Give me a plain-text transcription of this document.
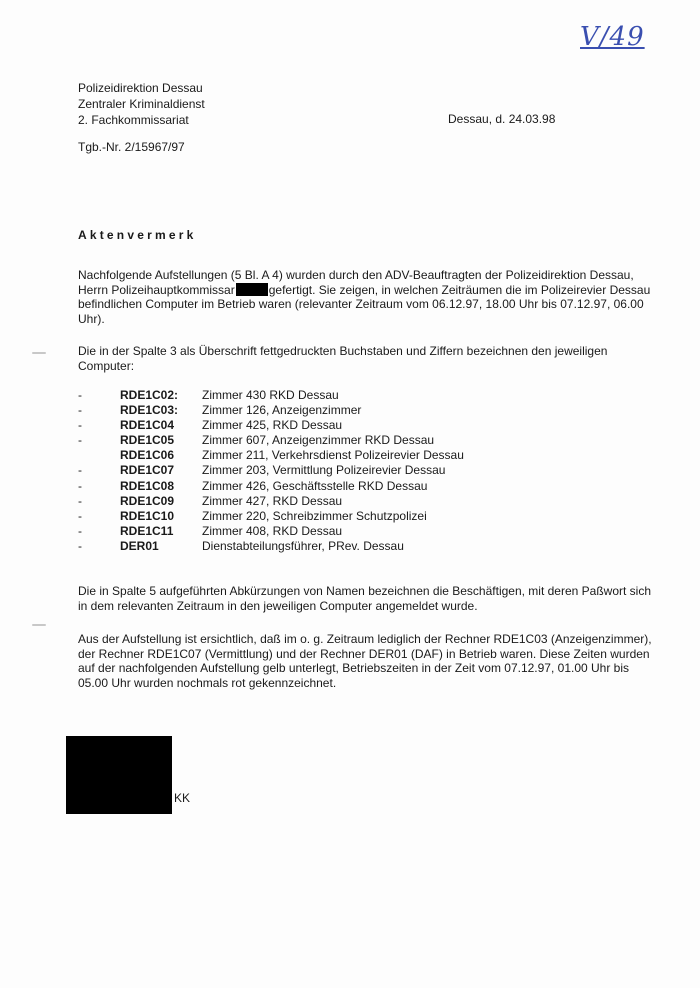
V/49
Polizeidirektion Dessau
Zentraler Kriminaldienst
2. Fachkommissariat	Dessau, d. 24.03.98
Tgb.-Nr. 2/15967/97
Aktenvermerk
Nachfolgende Aufstellungen (5 Bl. A 4) wurden durch den ADV-Beauftragten der Polizeidirektion Dessau, Herrn Polizeihauptkommissar	gefertigt. Sie zeigen, in welchen Zeiträumen die im Polizeirevier Dessau befindlichen Computer im Betrieb waren (relevanter Zeitraum vom 06.12.97, 18.00 Uhr bis 07.12.97, 06.00 Uhr).
Die in der Spalte 3 als Überschrift fettgedruckten Buchstaben und Ziffern bezeichnen den jeweiligen Computer:
-	RDE1C02: Zimmer 430 RKD Dessau
-	RDE1C03: Zimmer 126, Anzeigenzimmer
-	RDE1C04 Zimmer 425, RKD Dessau
-	RDE1C05 Zimmer 607, Anzeigenzimmer RKD Dessau
RDE1C06 Zimmer 211, Verkehrsdienst Polizeirevier Dessau
-	RDE1C07 Zimmer 203, Vermittlung Polizeirevier Dessau
-	RDE1C08 Zimmer 426, Geschäftsstelle RKD Dessau
-	RDE1C09 Zimmer 427, RKD Dessau
-	RDE1C10 Zimmer 220, Schreibzimmer Schutzpolizei
-	RDE1C11 Zimmer 408, RKD Dessau
-	DER01	Dienstabteilungsführer, PRev. Dessau
Die in Spalte 5 aufgeführten Abkürzungen von Namen bezeichnen die Beschäftigen, mit deren Paßwort sich in dem relevanten Zeitraum in den jeweiligen Computer angemeldet wurde.
Aus der Aufstellung ist ersichtlich, daß im o. g. Zeitraum lediglich der Rechner RDE1C03 (Anzeigenzimmer), der Rechner RDE1C07 (Vermittlung) und der Rechner DER01 (DAF) in Betrieb waren. Diese Zeiten wurden auf der nachfolgenden Aufstellung gelb unterlegt, Betriebszeiten in der Zeit vom 07.12.97, 01.00 Uhr bis 05.00 Uhr wurden nochmals rot gekennzeichnet.
KK
